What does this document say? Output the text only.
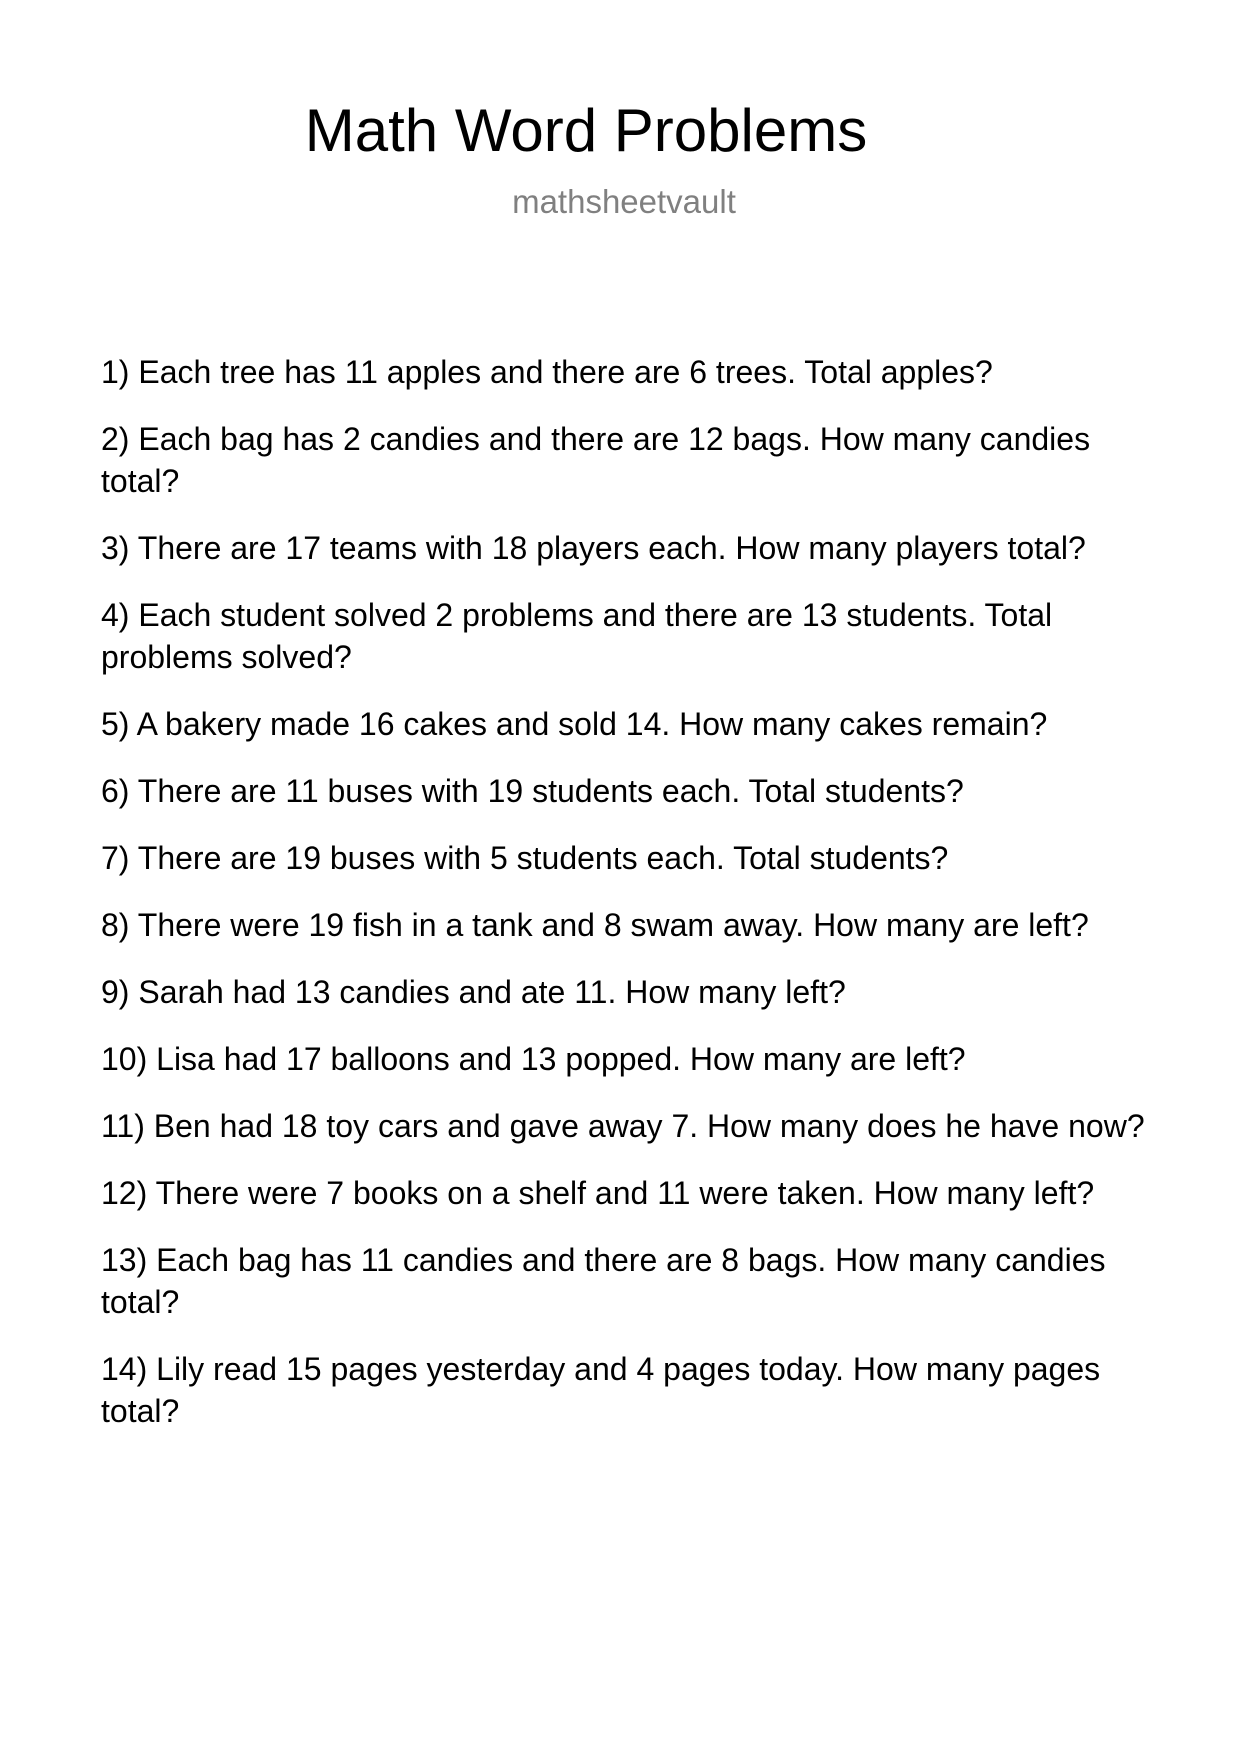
Math Word Problems
mathsheetvault
1) Each tree has 11 apples and there are 6 trees. Total apples?
2) Each bag has 2 candies and there are 12 bags. How many candies total?
3) There are 17 teams with 18 players each. How many players total?
4) Each student solved 2 problems and there are 13 students. Total problems solved?
5) A bakery made 16 cakes and sold 14. How many cakes remain?
6) There are 11 buses with 19 students each. Total students?
7) There are 19 buses with 5 students each. Total students?
8) There were 19 fish in a tank and 8 swam away. How many are left?
9) Sarah had 13 candies and ate 11. How many left?
10) Lisa had 17 balloons and 13 popped. How many are left?
11) Ben had 18 toy cars and gave away 7. How many does he have now?
12) There were 7 books on a shelf and 11 were taken. How many left?
13) Each bag has 11 candies and there are 8 bags. How many candies total?
14) Lily read 15 pages yesterday and 4 pages today. How many pages total?
